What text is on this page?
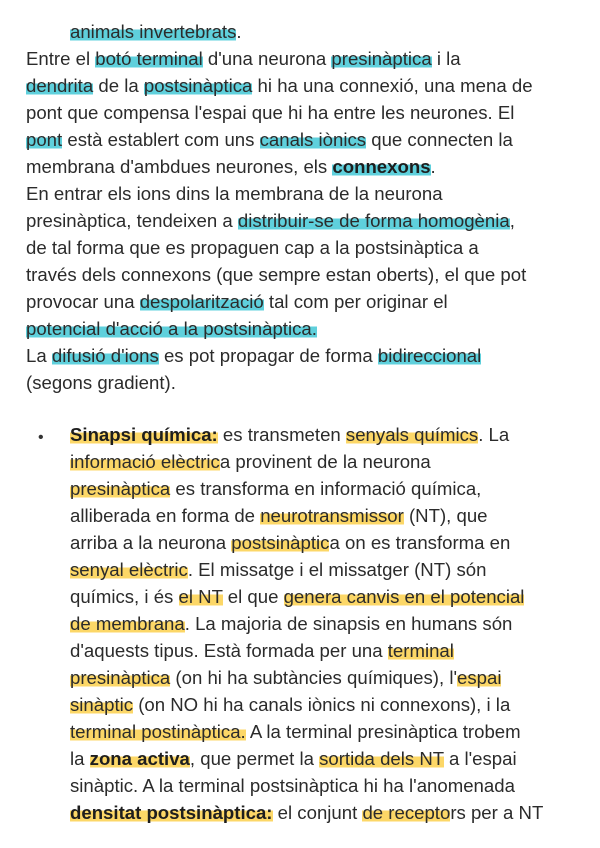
animals invertebrats.
Entre el botó terminal d'una neurona presinàptica i la
dendrita de la postsinàptica hi ha una connexió, una mena de
pont que compensa l'espai que hi ha entre les neurones. El
pont està establert com uns canals iònics que connecten la
membrana d'ambdues neurones, els connexons.
En entrar els ions dins la membrana de la neurona
presinàptica, tendeixen a distribuir-se de forma homogènia,
de tal forma que es propaguen cap a la postsinàptica a
través dels connexons (que sempre estan oberts), el que pot
provocar una despolarització tal com per originar el
potencial d'acció a la postsinàptica.
La difusió d'ions es pot propagar de forma bidireccional
(segons gradient).
• Sinapsi química: es transmeten senyals químics. La
informació elèctrica provinent de la neurona
presinàptica es transforma en informació química,
alliberada en forma de neurotransmissor (NT), que
arriba a la neurona postsinàptica on es transforma en
senyal elèctric. El missatge i el missatger (NT) són
químics, i és el NT el que genera canvis en el potencial
de membrana. La majoria de sinapsis en humans són
d'aquests tipus. Està formada per una terminal
presinàptica (on hi ha subtàncies químiques), l'espai
sinàptic (on NO hi ha canals iònics ni connexons), i la
terminal postinàptica. A la terminal presinàptica trobem
la zona activa, que permet la sortida dels NT a l'espai
sinàptic. A la terminal postsinàptica hi ha l'anomenada
densitat postsinàptica: el conjunt de receptors per a NT
